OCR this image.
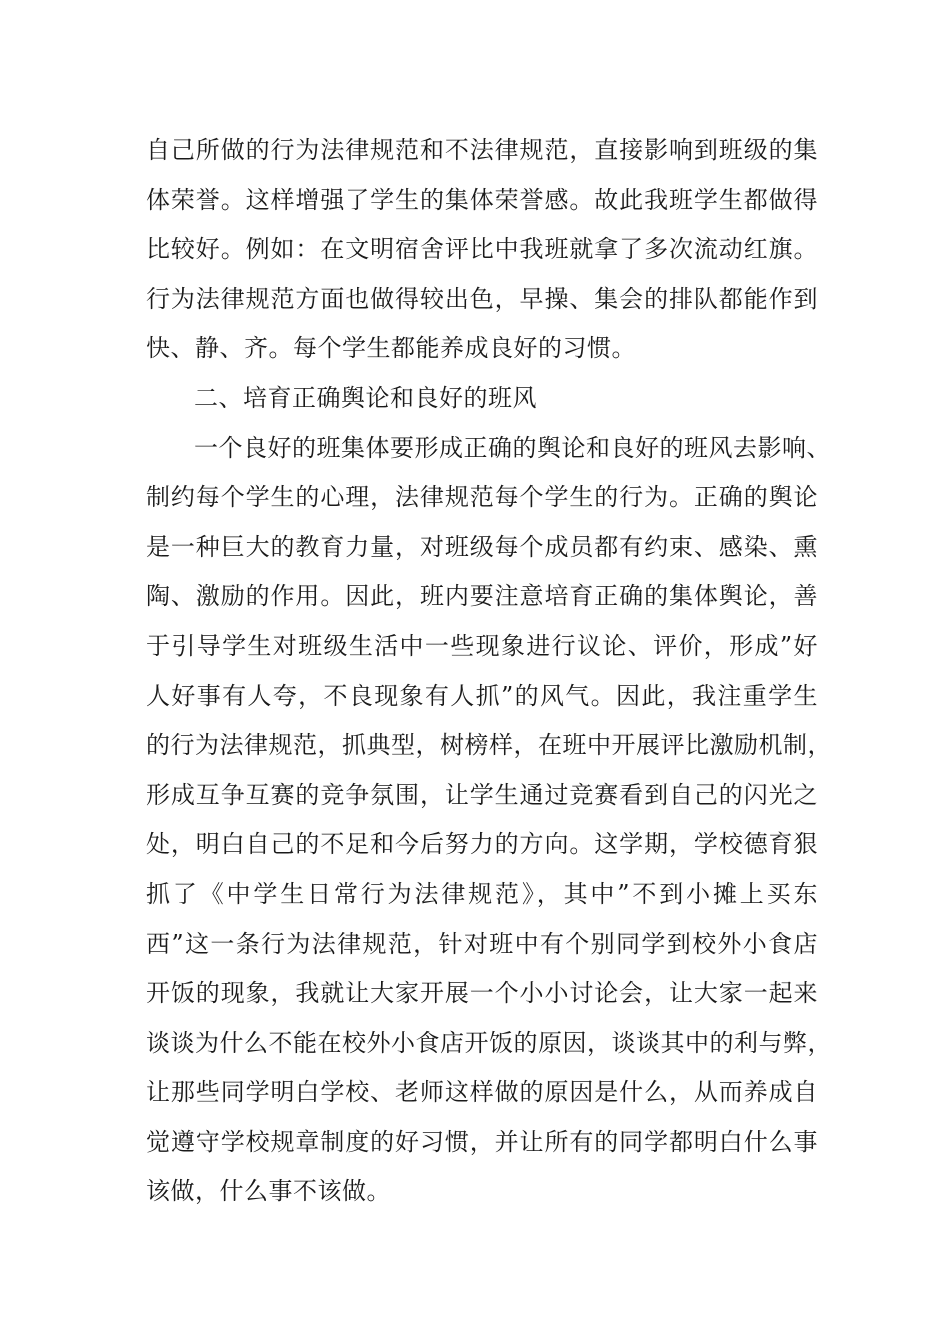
自己所做的行为法律规范和不法律规范，直接影响到班级的集
体荣誉。这样增强了学生的集体荣誉感。故此我班学生都做得
比较好。例如：在文明宿舍评比中我班就拿了多次流动红旗。
行为法律规范方面也做得较出色，早操、集会的排队都能作到
快、静、齐。每个学生都能养成良好的习惯。
二、培育正确舆论和良好的班风
一个良好的班集体要形成正确的舆论和良好的班风去影响、
制约每个学生的心理，法律规范每个学生的行为。正确的舆论
是一种巨大的教育力量，对班级每个成员都有约束、感染、熏
陶、激励的作用。因此，班内要注意培育正确的集体舆论，善
于引导学生对班级生活中一些现象进行议论、评价，形成”好
人好事有人夸，不良现象有人抓”的风气。因此，我注重学生
的行为法律规范，抓典型，树榜样，在班中开展评比激励机制，
形成互争互赛的竞争氛围，让学生通过竞赛看到自己的闪光之
处，明白自己的不足和今后努力的方向。这学期，学校德育狠
抓了《中学生日常行为法律规范》，其中”不到小摊上买东
西”这一条行为法律规范，针对班中有个别同学到校外小食店
开饭的现象，我就让大家开展一个小小讨论会，让大家一起来
谈谈为什么不能在校外小食店开饭的原因，谈谈其中的利与弊，
让那些同学明白学校、老师这样做的原因是什么，从而养成自
觉遵守学校规章制度的好习惯，并让所有的同学都明白什么事
该做，什么事不该做。
